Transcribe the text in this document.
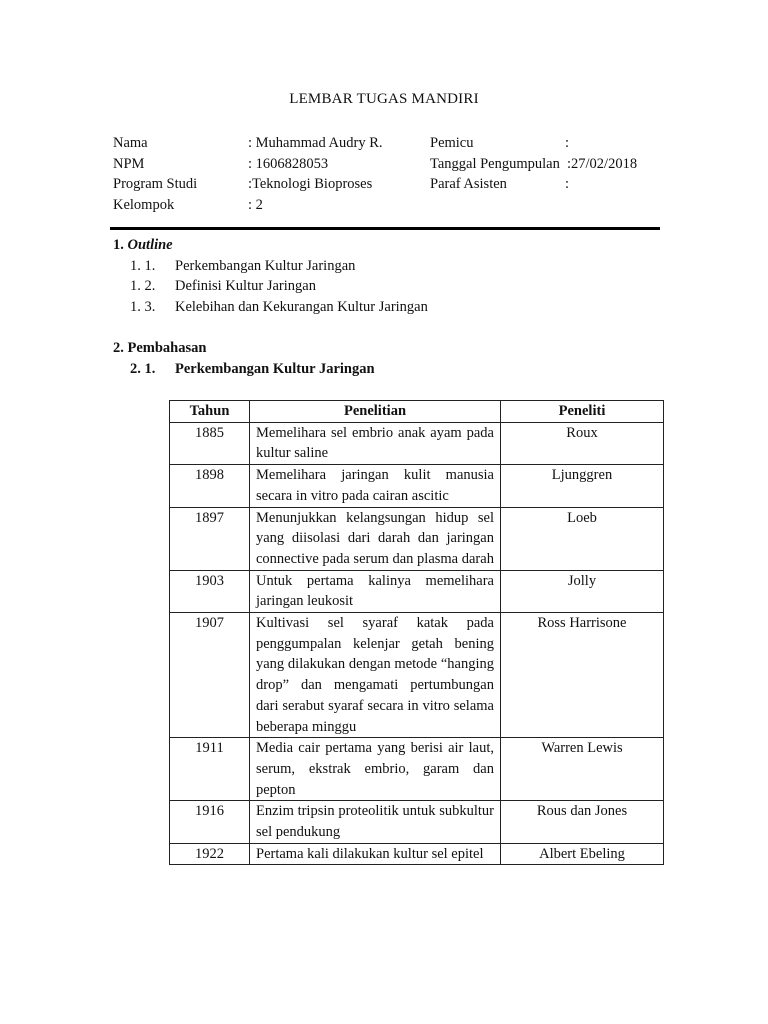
LEMBAR TUGAS MANDIRI
Nama	: Muhammad Audry R.	Pemicu	:
NPM	: 1606828053	Tanggal Pengumpulan :27/02/2018
Program Studi	:Teknologi Bioproses	Paraf Asisten	:
Kelompok	: 2
1. Outline
1. 1. Perkembangan Kultur Jaringan
1. 2. Definisi Kultur Jaringan
1. 3. Kelebihan dan Kekurangan Kultur Jaringan
2. Pembahasan
2. 1. Perkembangan Kultur Jaringan
Tahun	Penelitian	Peneliti
1885	Memelihara sel embrio anak ayam pada kultur saline	Roux
1898	Memelihara jaringan kulit manusia secara in vitro pada cairan ascitic	Ljunggren
1897	Menunjukkan kelangsungan hidup sel yang diisolasi dari darah dan jaringan connective pada serum dan plasma darah	Loeb
1903	Untuk pertama kalinya memelihara jaringan leukosit	Jolly
1907	Kultivasi sel syaraf katak pada penggumpalan kelenjar getah bening yang dilakukan dengan metode “hanging drop” dan mengamati pertumbungan dari serabut syaraf secara in vitro selama beberapa minggu	Ross Harrisone
1911	Media cair pertama yang berisi air laut, serum, ekstrak embrio, garam dan pepton	Warren Lewis
1916	Enzim tripsin proteolitik untuk subkultur sel pendukung	Rous dan Jones
1922	Pertama kali dilakukan kultur sel epitel	Albert Ebeling
